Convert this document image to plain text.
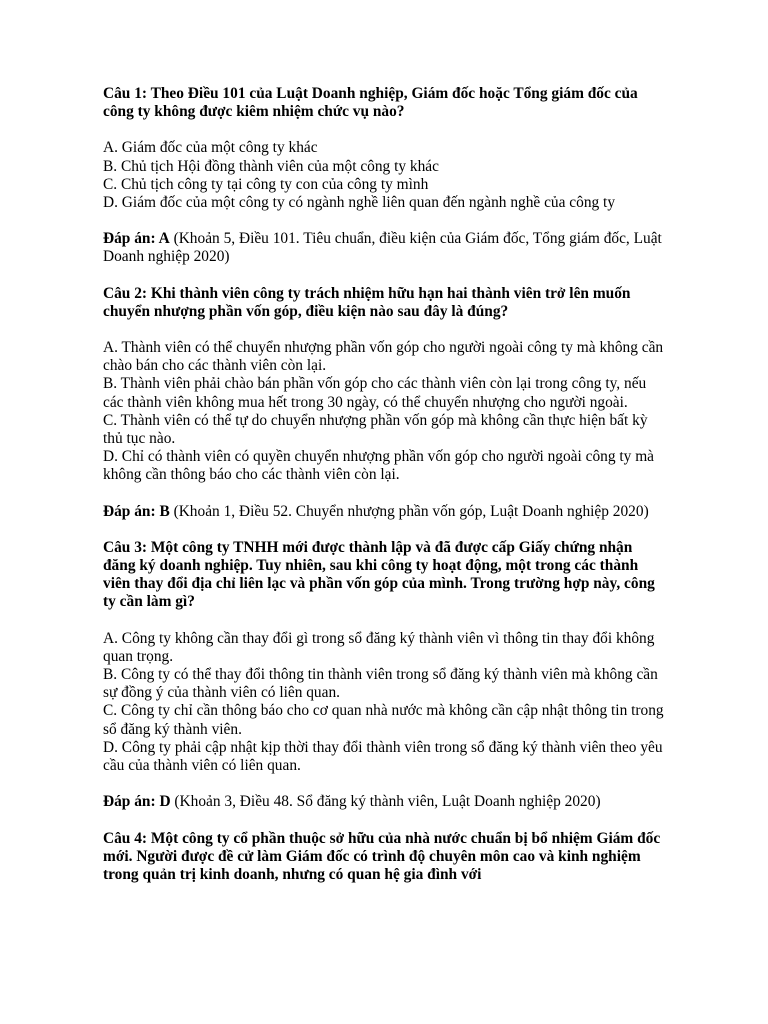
Câu 1: Theo Điều 101 của Luật Doanh nghiệp, Giám đốc hoặc Tổng giám đốc của công ty không được kiêm nhiệm chức vụ nào?

A. Giám đốc của một công ty khác

B. Chủ tịch Hội đồng thành viên của một công ty khác

C. Chủ tịch công ty tại công ty con của công ty mình

D. Giám đốc của một công ty có ngành nghề liên quan đến ngành nghề của công ty

Đáp án: A (Khoản 5, Điều 101. Tiêu chuẩn, điều kiện của Giám đốc, Tổng giám đốc, Luật Doanh nghiệp 2020)

Câu 2: Khi thành viên công ty trách nhiệm hữu hạn hai thành viên trở lên muốn chuyển nhượng phần vốn góp, điều kiện nào sau đây là đúng?

A. Thành viên có thể chuyển nhượng phần vốn góp cho người ngoài công ty mà không cần chào bán cho các thành viên còn lại.

B. Thành viên phải chào bán phần vốn góp cho các thành viên còn lại trong công ty, nếu các thành viên không mua hết trong 30 ngày, có thể chuyển nhượng cho người ngoài.

C. Thành viên có thể tự do chuyển nhượng phần vốn góp mà không cần thực hiện bất kỳ thủ tục nào.

D. Chỉ có thành viên có quyền chuyển nhượng phần vốn góp cho người ngoài công ty mà không cần thông báo cho các thành viên còn lại.

Đáp án: B (Khoản 1, Điều 52. Chuyển nhượng phần vốn góp, Luật Doanh nghiệp 2020)

Câu 3: Một công ty TNHH mới được thành lập và đã được cấp Giấy chứng nhận đăng ký doanh nghiệp. Tuy nhiên, sau khi công ty hoạt động, một trong các thành viên thay đổi địa chỉ liên lạc và phần vốn góp của mình. Trong trường hợp này, công ty cần làm gì?

A. Công ty không cần thay đổi gì trong sổ đăng ký thành viên vì thông tin thay đổi không quan trọng.

B. Công ty có thể thay đổi thông tin thành viên trong sổ đăng ký thành viên mà không cần sự đồng ý của thành viên có liên quan.

C. Công ty chỉ cần thông báo cho cơ quan nhà nước mà không cần cập nhật thông tin trong sổ đăng ký thành viên.

D. Công ty phải cập nhật kịp thời thay đổi thành viên trong sổ đăng ký thành viên theo yêu cầu của thành viên có liên quan.

Đáp án: D (Khoản 3, Điều 48. Sổ đăng ký thành viên, Luật Doanh nghiệp 2020)

Câu 4: Một công ty cổ phần thuộc sở hữu của nhà nước chuẩn bị bổ nhiệm Giám đốc mới. Người được đề cử làm Giám đốc có trình độ chuyên môn cao và kinh nghiệm trong quản trị kinh doanh, nhưng có quan hệ gia đình với
